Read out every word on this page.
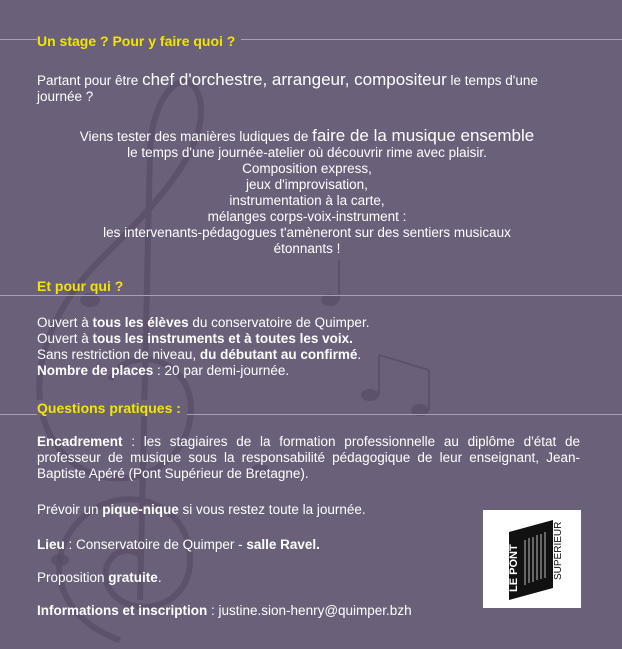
Un stage ? Pour y faire quoi ?
Partant pour être chef d'orchestre, arrangeur, compositeur le temps d'une journée ?
Viens tester des manières ludiques de faire de la musique ensemble
le temps d'une journée-atelier où découvrir rime avec plaisir.
Composition express,
jeux d'improvisation,
instrumentation à la carte,
mélanges corps-voix-instrument :
les intervenants-pédagogues t'amèneront sur des sentiers musicaux
étonnants !
Et pour qui ?
Ouvert à tous les élèves du conservatoire de Quimper.
Ouvert à tous les instruments et à toutes les voix.
Sans restriction de niveau, du débutant au confirmé.
Nombre de places : 20 par demi-journée.
Questions pratiques :
Encadrement : les stagiaires de la formation professionnelle au diplôme d'état de professeur de musique sous la responsabilité pédagogique de leur enseignant, Jean-Baptiste Apéré (Pont Supérieur de Bretagne).
Prévoir un pique-nique si vous restez toute la journée.
Lieu : Conservatoire de Quimper - salle Ravel.
Proposition gratuite.
Informations et inscription : justine.sion-henry@quimper.bzh
LE PONT	SUPÉRIEUR
